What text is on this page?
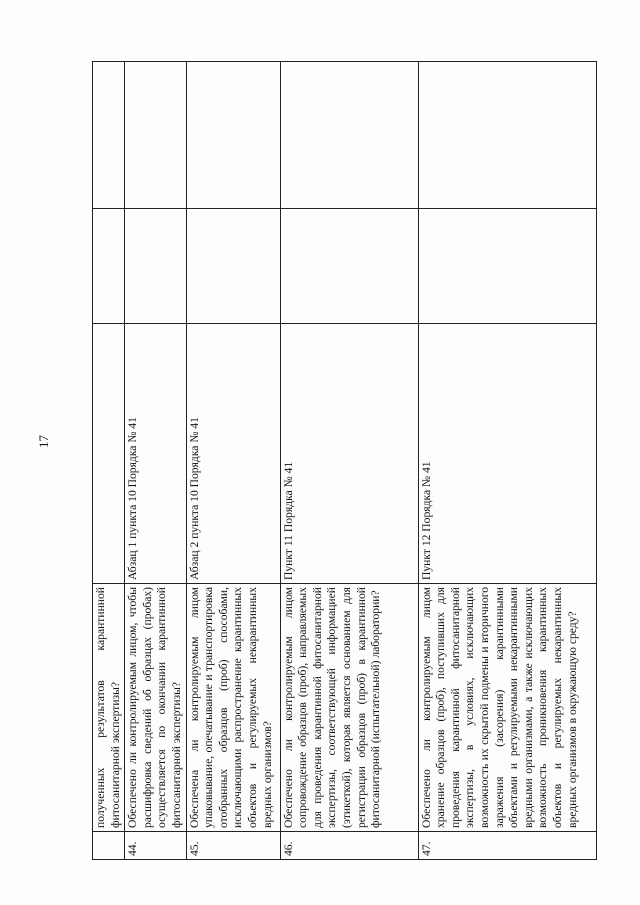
17
	полученных результатов карантинной фитосанитарной экспертизы?			
44.	Обеспечено ли контролируемым лицом, чтобы расшифровка сведений об образцах (пробах) осуществляется по окончании карантинной фитосанитарной экспертизы?	Абзац 1 пункта 10 Порядка № 41		
45.	Обеспечена ли контролируемым лицом упаковывание, опечатывание и транспортировка отобранных образцов (проб) способами, исключающими распространение карантинных объектов и регулируемых некарантинных вредных организмов?	Абзац 2 пункта 10 Порядка № 41		
46.	Обеспечено ли контролируемым лицом сопровождение образцов (проб), направляемых для проведения карантинной фитосанитарной экспертизы, соответствующей информацией (этикеткой), которая является основанием для регистрации образцов (проб) в карантинной фитосанитарной (испытательной) лаборатории?	Пункт 11 Порядка № 41		
47.	Обеспечено ли контролируемым лицом хранение образцов (проб), поступивших для проведения карантинной фитосанитарной экспертизы, в условиях, исключающих возможность их скрытой подмены и вторичного заражения (засорения) карантинными объектами и регулируемыми некарантинными вредными организмами, а также исключающих возможность проникновения карантинных объектов и регулируемых некарантинных вредных организмов в окружающую среду?	Пункт 12 Порядка № 41		
